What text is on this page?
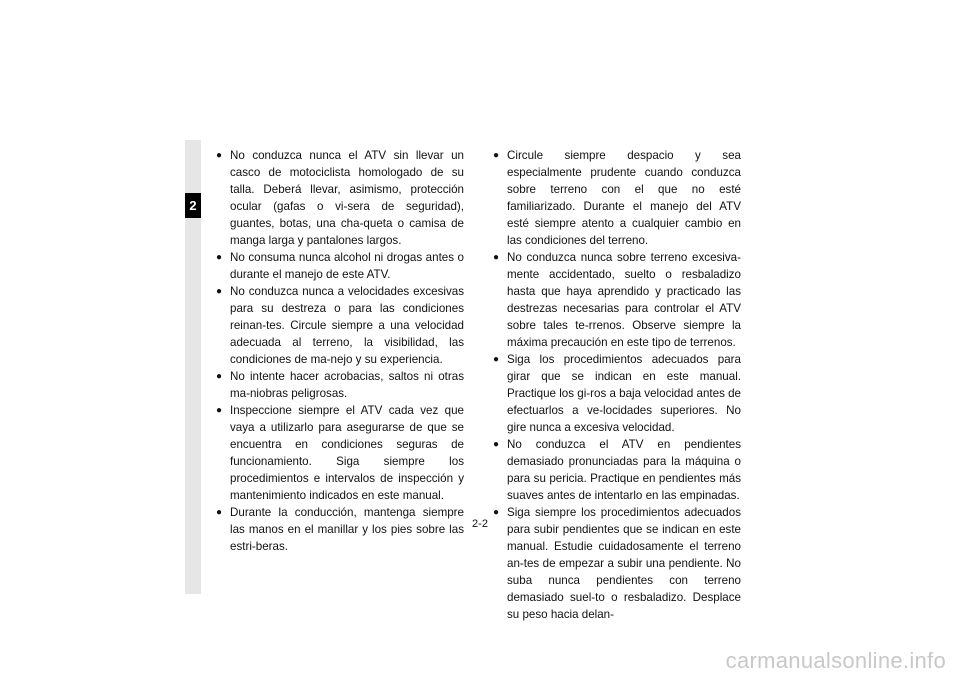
2
● No conduzca nunca el ATV sin llevar un casco de motociclista homologado de su talla. Deberá llevar, asimismo, protección ocular (gafas o vi-sera de seguridad), guantes, botas, una cha-queta o camisa de manga larga y pantalones largos.
● No consuma nunca alcohol ni drogas antes o durante el manejo de este ATV.
● No conduzca nunca a velocidades excesivas para su destreza o para las condiciones reinan-tes. Circule siempre a una velocidad adecuada al terreno, la visibilidad, las condiciones de ma-nejo y su experiencia.
● No intente hacer acrobacias, saltos ni otras ma-niobras peligrosas.
● Inspeccione siempre el ATV cada vez que vaya a utilizarlo para asegurarse de que se encuentra en condiciones seguras de funcionamiento. Siga siempre los procedimientos e intervalos de inspección y mantenimiento indicados en este manual.
● Durante la conducción, mantenga siempre las manos en el manillar y los pies sobre las estri-beras.
● Circule siempre despacio y sea especialmente prudente cuando conduzca sobre terreno con el que no esté familiarizado. Durante el manejo del ATV esté siempre atento a cualquier cambio en las condiciones del terreno.
● No conduzca nunca sobre terreno excesiva-mente accidentado, suelto o resbaladizo hasta que haya aprendido y practicado las destrezas necesarias para controlar el ATV sobre tales te-rrenos. Observe siempre la máxima precaución en este tipo de terrenos.
● Siga los procedimientos adecuados para girar que se indican en este manual. Practique los gi-ros a baja velocidad antes de efectuarlos a ve-locidades superiores. No gire nunca a excesiva velocidad.
● No conduzca el ATV en pendientes demasiado pronunciadas para la máquina o para su pericia. Practique en pendientes más suaves antes de intentarlo en las empinadas.
● Siga siempre los procedimientos adecuados para subir pendientes que se indican en este manual. Estudie cuidadosamente el terreno an-tes de empezar a subir una pendiente. No suba nunca pendientes con terreno demasiado suel-to o resbaladizo. Desplace su peso hacia delan-
2-2
carmanualsonline.info
